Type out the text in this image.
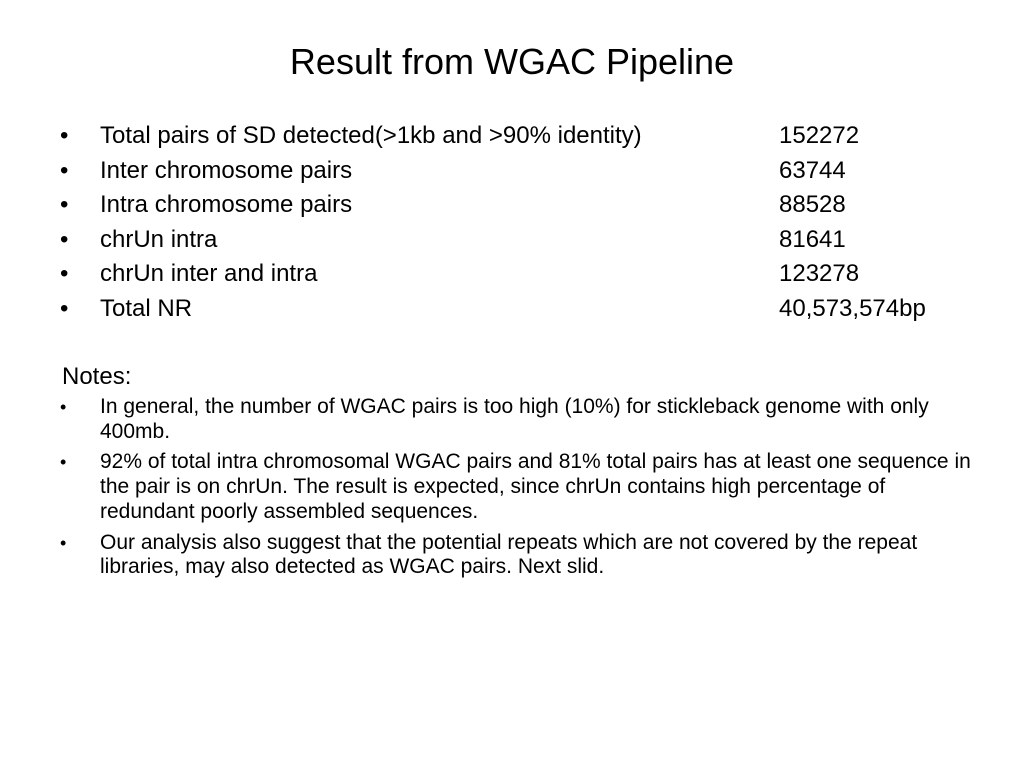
Result from WGAC Pipeline
•	Total pairs of SD detected(>1kb and >90% identity)	152272
•	Inter chromosome pairs	63744
•	Intra chromosome pairs	88528
•	chrUn intra	81641
•	chrUn inter and intra	123278
•	Total NR	40,573,574bp

Notes:

•	In general, the number of WGAC pairs is too high (10%) for stickleback genome with only 400mb.
•	92% of total intra chromosomal WGAC pairs and 81% total pairs has at least one sequence in the pair is on chrUn. The result is expected, since chrUn contains high percentage of redundant poorly assembled sequences.
•	Our analysis also suggest that the potential repeats which are not covered by the repeat libraries, may also detected as WGAC pairs. Next slid.
